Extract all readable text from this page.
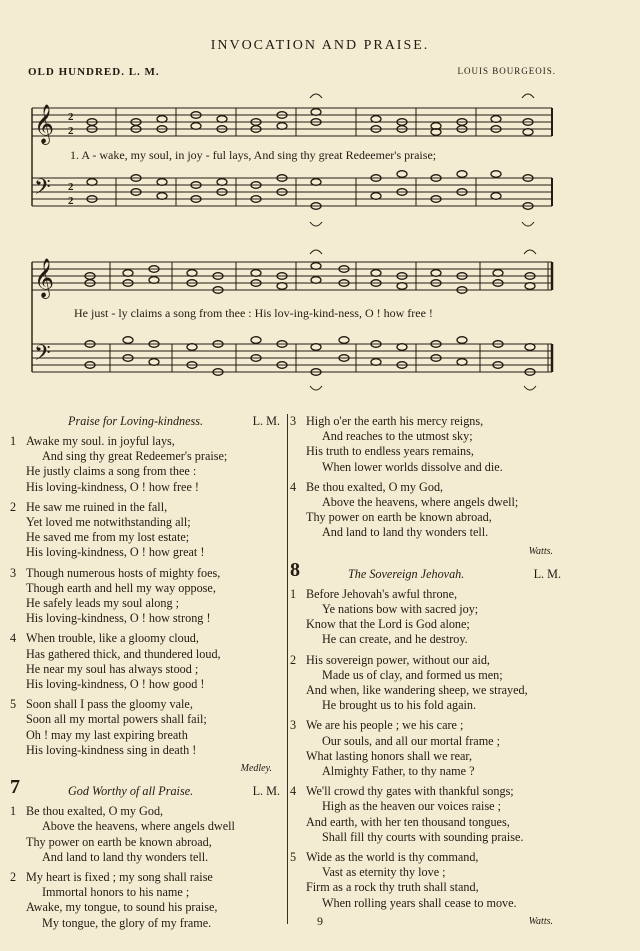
INVOCATION AND PRAISE.
OLD HUNDRED. L. M.	LOUIS BOURGEOIS.
𝄞
𝄢
2
2
2
2
1. A - wake, my soul, in joy - ful lays, And sing thy great Redeemer's praise;
𝄞
𝄢
He just - ly claims a song from thee : His lov-ing-kind-ness, O ! how free !
Praise for Loving-kindness.	L. M.
1 Awake my soul. in joyful lays,
And sing thy great Redeemer's praise;
He justly claims a song from thee :
His loving-kindness, O ! how free !
2 He saw me ruined in the fall,
Yet loved me notwithstanding all;
He saved me from my lost estate;
His loving-kindness, O ! how great !
3 Though numerous hosts of mighty foes,
Though earth and hell my way oppose,
He safely leads my soul along ;
His loving-kindness, O ! how strong !
4 When trouble, like a gloomy cloud,
Has gathered thick, and thundered loud,
He near my soul has always stood ;
His loving-kindness, O ! how good !
5 Soon shall I pass the gloomy vale,
Soon all my mortal powers shall fail;
Oh ! may my last expiring breath
His loving-kindness sing in death !
Medley.
7	God Worthy of all Praise.	L. M.
1 Be thou exalted, O my God,
Above the heavens, where angels dwell
Thy power on earth be known abroad,
And land to land thy wonders tell.
2 My heart is fixed ; my song shall raise
Immortal honors to his name ;
Awake, my tongue, to sound his praise,
My tongue, the glory of my frame.
3 High o'er the earth his mercy reigns,
And reaches to the utmost sky;
His truth to endless years remains,
When lower worlds dissolve and die.
4 Be thou exalted, O my God,
Above the heavens, where angels dwell;
Thy power on earth be known abroad,
And land to land thy wonders tell.
Watts.
8	The Sovereign Jehovah.	L. M.
1 Before Jehovah's awful throne,
Ye nations bow with sacred joy;
Know that the Lord is God alone;
He can create, and he destroy.
2 His sovereign power, without our aid,
Made us of clay, and formed us men;
And when, like wandering sheep, we strayed,
He brought us to his fold again.
3 We are his people ; we his care ;
Our souls, and all our mortal frame ;
What lasting honors shall we rear,
Almighty Father, to thy name ?
4 We'll crowd thy gates with thankful songs;
High as the heaven our voices raise ;
And earth, with her ten thousand tongues,
Shall fill thy courts with sounding praise.
5 Wide as the world is thy command,
Vast as eternity thy love ;
Firm as a rock thy truth shall stand,
When rolling years shall cease to move.
Watts.
9
